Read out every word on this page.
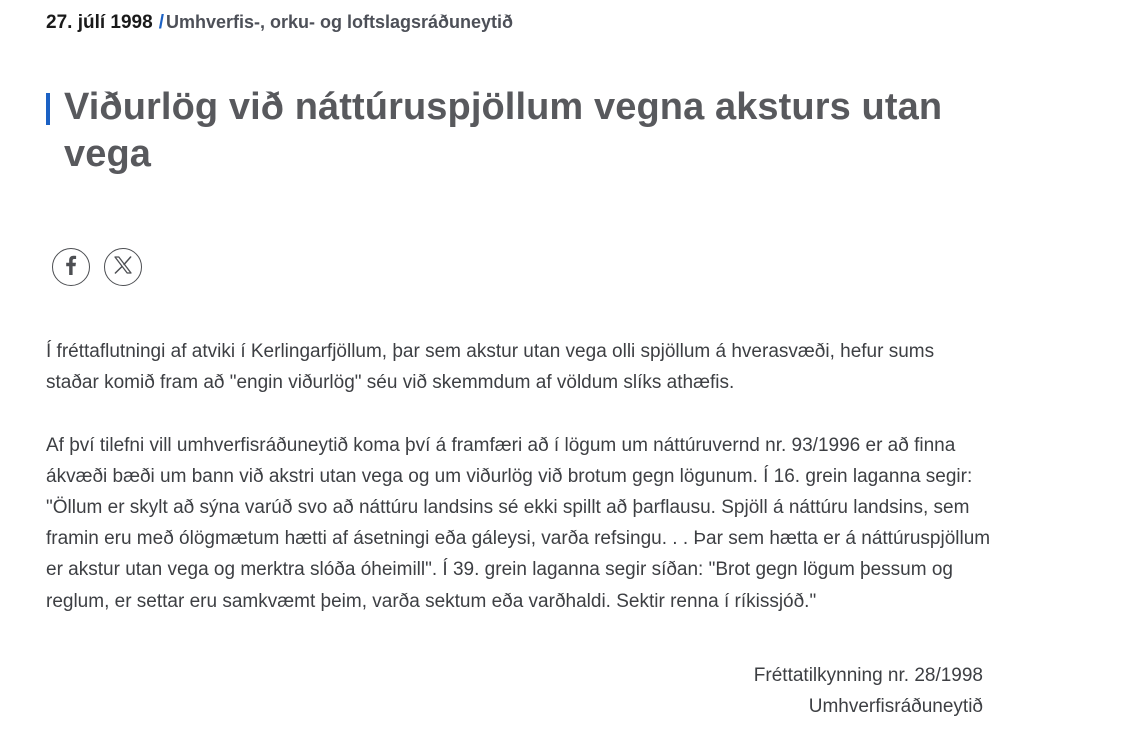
27. júlí 1998 / Umhverfis-, orku- og loftslagsráðuneytið
Viðurlög við náttúruspjöllum vegna aksturs utan vega

Í fréttaflutningi af atviki í Kerlingarfjöllum, þar sem akstur utan vega olli spjöllum á hverasvæði, hefur sums staðar komið fram að "engin viðurlög" séu við skemmdum af völdum slíks athæfis.

Af því tilefni vill umhverfisráðuneytið koma því á framfæri að í lögum um náttúruvernd nr. 93/1996 er að finna ákvæði bæði um bann við akstri utan vega og um viðurlög við brotum gegn lögunum. Í 16. grein laganna segir: "Öllum er skylt að sýna varúð svo að náttúru landsins sé ekki spillt að þarflausu. Spjöll á náttúru landsins, sem framin eru með ólögmætum hætti af ásetningi eða gáleysi, varða refsingu. . . Þar sem hætta er á náttúruspjöllum er akstur utan vega og merktra slóða óheimill". Í 39. grein laganna segir síðan: "Brot gegn lögum þessum og reglum, er settar eru samkvæmt þeim, varða sektum eða varðhaldi. Sektir renna í ríkissjóð."

Fréttatilkynning nr. 28/1998
Umhverfisráðuneytið
